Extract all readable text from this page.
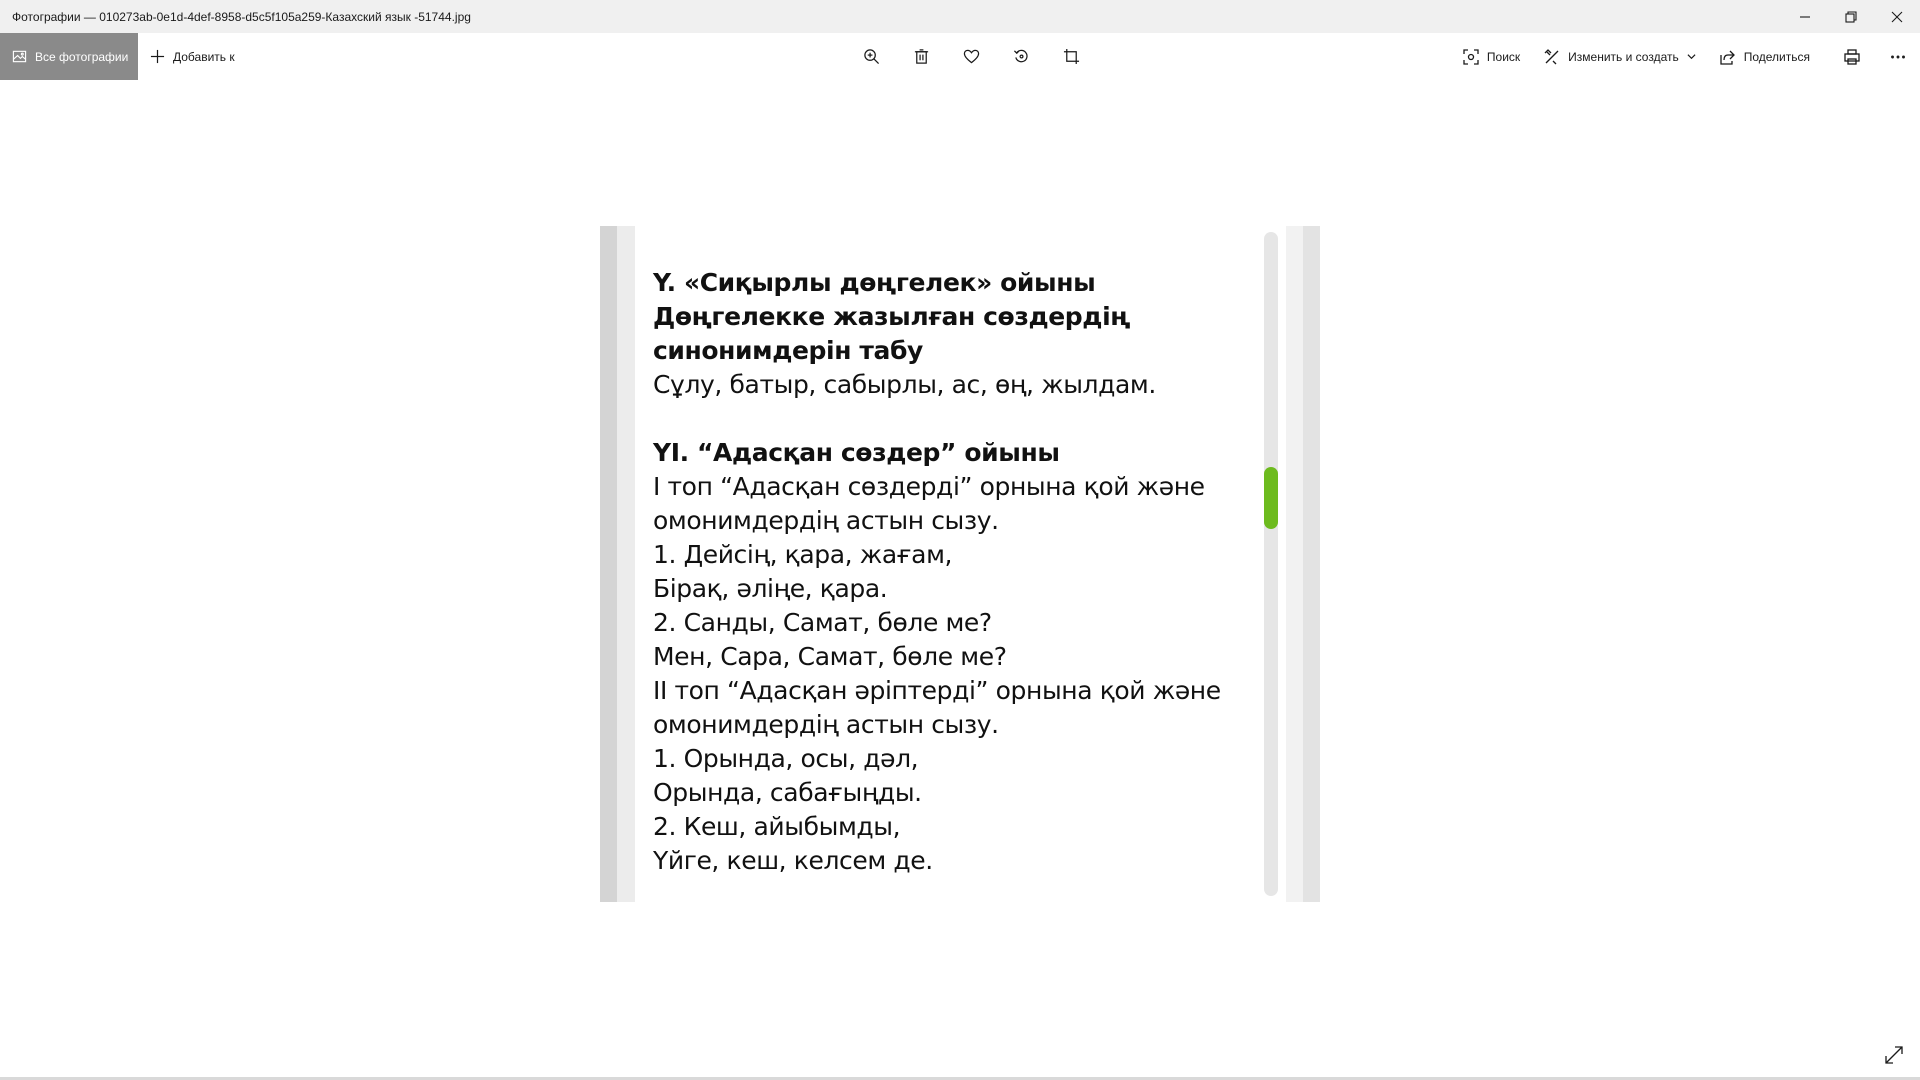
Фотографии — 010273ab-0e1d-4def-8958-d5c5f105a259-Казахский язык -51744.jpg
Все фотографии	Добавить к	Поиск	Изменить и создать	Поделиться
Y. «Сиқырлы дөңгелек» ойыны
Дөңгелекке жазылған сөздердің
синонимдерін табу
Сұлу, батыр, сабырлы, ас, өң, жылдам.
YI. “Адасқан сөздер” ойыны
I топ “Адасқан сөздерді” орнына қой және
омонимдердің астын сызу.
1. Дейсің, қара, жағам,
Бірақ, әліңе, қара.
2. Санды, Самат, бөле ме?
Мен, Сара, Самат, бөле ме?
II топ “Адасқан әріптерді” орнына қой және
омонимдердің астын сызу.
1. Орында, осы, дәл,
Орында, сабағыңды.
2. Кеш, айыбымды,
Үйге, кеш, келсем де.
